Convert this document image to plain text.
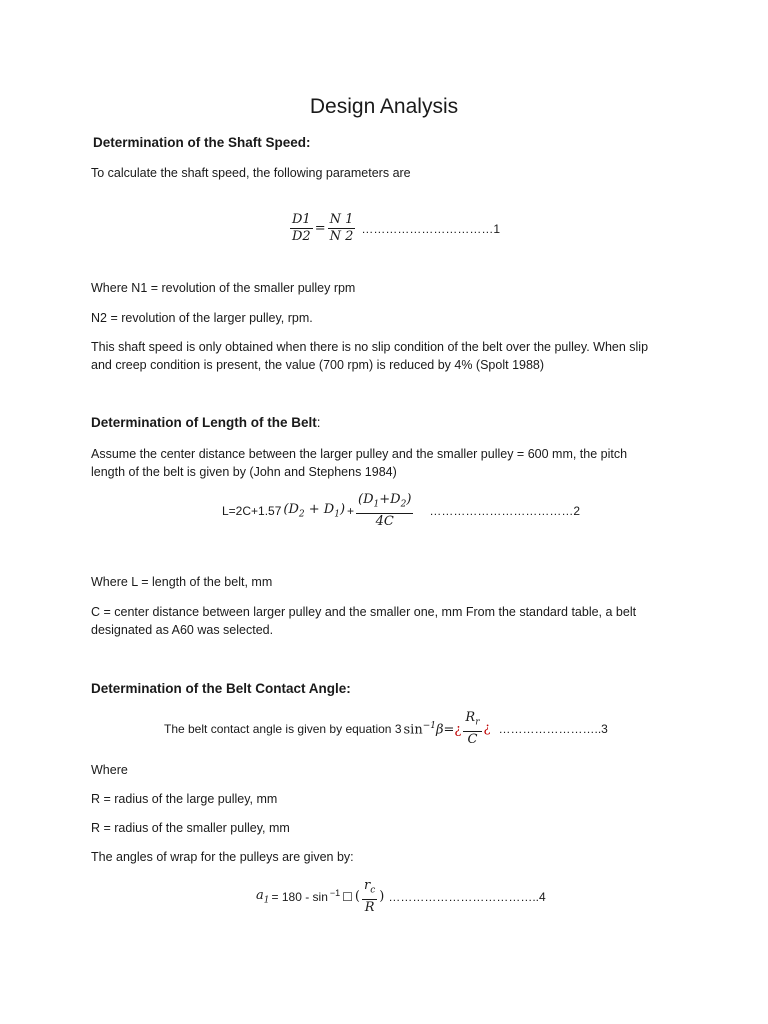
Design Analysis
Determination of the Shaft Speed:
To calculate the shaft speed, the following parameters are
$\frac{D1}{D2} = \frac{N 1}{N 2}$ ……………………………1
Where N1 = revolution of the smaller pulley rpm
N2 = revolution of the larger pulley, rpm.
This shaft speed is only obtained when there is no slip condition of the belt over the pulley. When slip
and creep condition is present, the value (700 rpm) is reduced by 4% (Spolt 1988)
Determination of Length of the Belt:
Assume the center distance between the larger pulley and the smaller pulley = 600 mm, the pitch
length of the belt is given by (John and Stephens 1984)
L=2C+1.57 $(D_2 + D_1) + \frac{(D_1+D_2)}{4C}$ ………………………………2
Where L = length of the belt, mm
C = center distance between larger pulley and the smaller one, mm From the standard table, a belt
designated as A60 was selected.
Determination of the Belt Contact Angle:
The belt contact angle is given by equation 3 $\sin^{-1}\beta=¿ \frac{R_r}{C}$ ¿ ……………………..3
Where
R = radius of the large pulley, mm
R = radius of the smaller pulley, mm
The angles of wrap for the pulleys are given by:
$a_1 = 180 - \sin^{-1}$ ☐ ( $\frac{r_c}{R}$ ) ………………………………..4
